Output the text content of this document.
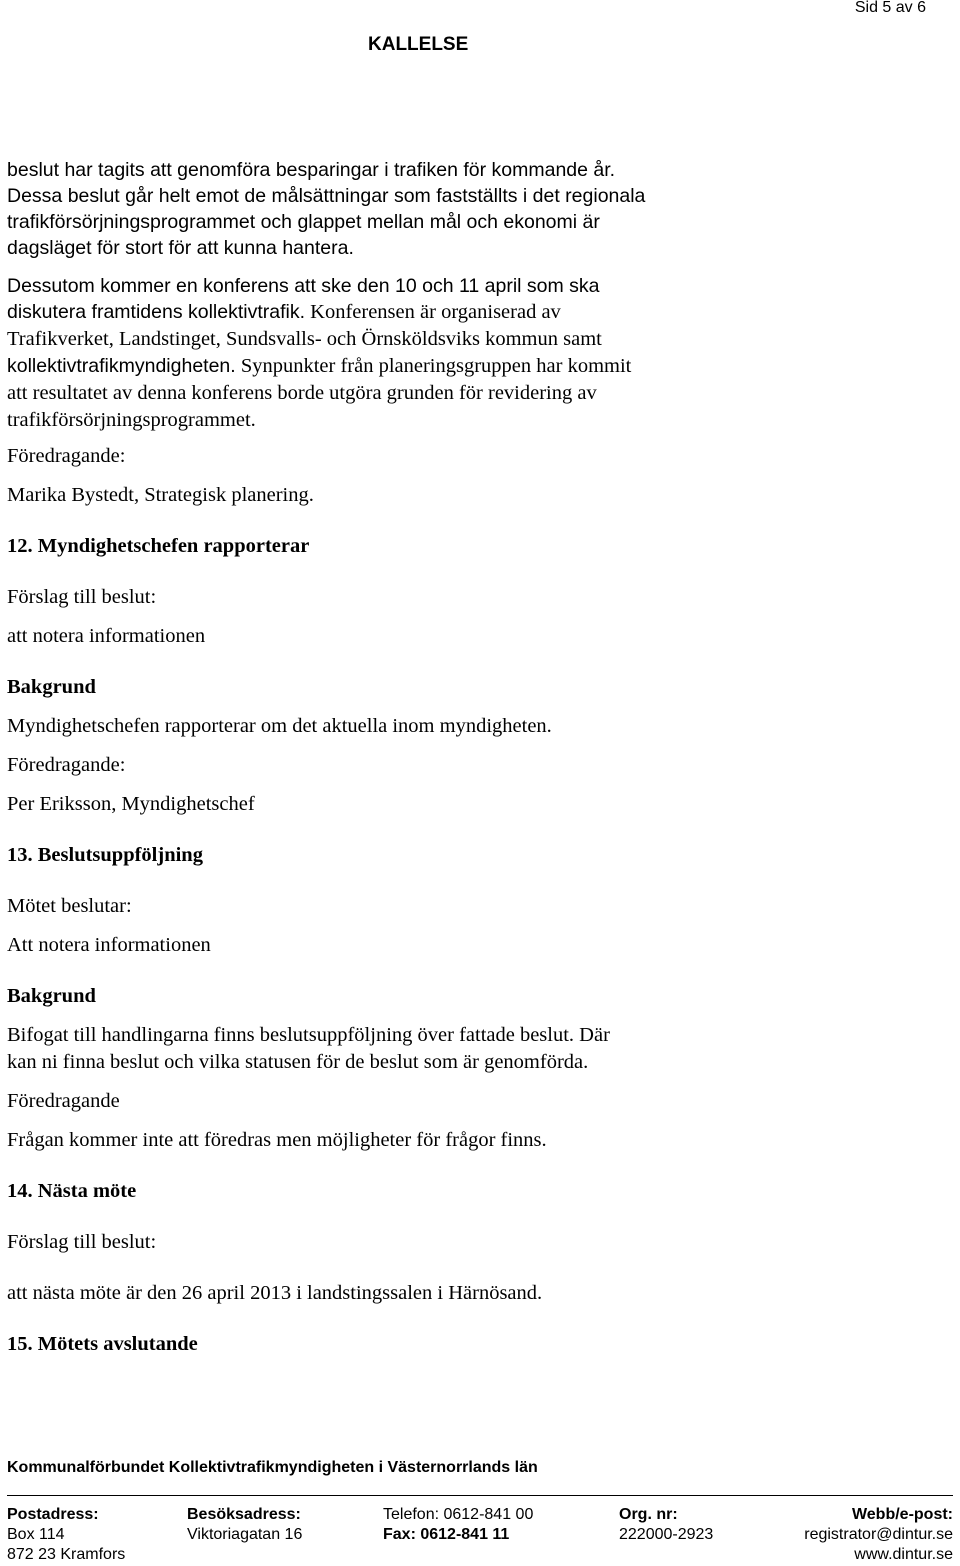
Sid 5 av 6
KALLELSE

beslut har tagits att genomföra besparingar i trafiken för kommande år.

Dessa beslut går helt emot de målsättningar som fastställts i det regionala

trafikförsörjningsprogrammet och glappet mellan mål och ekonomi är

dagsläget för stort för att kunna hantera.

Dessutom kommer en konferens att ske den 10 och 11 april som ska

diskutera framtidens kollektivtrafik. Konferensen är organiserad av

Trafikverket, Landstinget, Sundsvalls- och Örnsköldsviks kommun samt

kollektivtrafikmyndigheten. Synpunkter från planeringsgruppen har kommit

att resultatet av denna konferens borde utgöra grunden för revidering av

trafikförsörjningsprogrammet.

Föredragande:

Marika Bystedt, Strategisk planering.

12. Myndighetschefen rapporterar

Förslag till beslut:

att notera informationen

Bakgrund

Myndighetschefen rapporterar om det aktuella inom myndigheten.

Föredragande:

Per Eriksson, Myndighetschef

13. Beslutsuppföljning

Mötet beslutar:

Att notera informationen

Bakgrund

Bifogat till handlingarna finns beslutsuppföljning över fattade beslut. Där

kan ni finna beslut och vilka statusen för de beslut som är genomförda.

Föredragande

Frågan kommer inte att föredras men möjligheter för frågor finns.

14. Nästa möte

Förslag till beslut:

att nästa möte är den 26 april 2013 i landstingssalen i Härnösand.

15. Mötets avslutande

Kommunalförbundet Kollektivtrafikmyndigheten i Västernorrlands län
Postadress:
Box 114
872 23 Kramfors
Besöksadress:
Viktoriagatan 16
Telefon: 0612-841 00
Fax: 0612-841 11
Org. nr:
222000-2923
Webb/e-post:
registrator@dintur.se
www.dintur.se
